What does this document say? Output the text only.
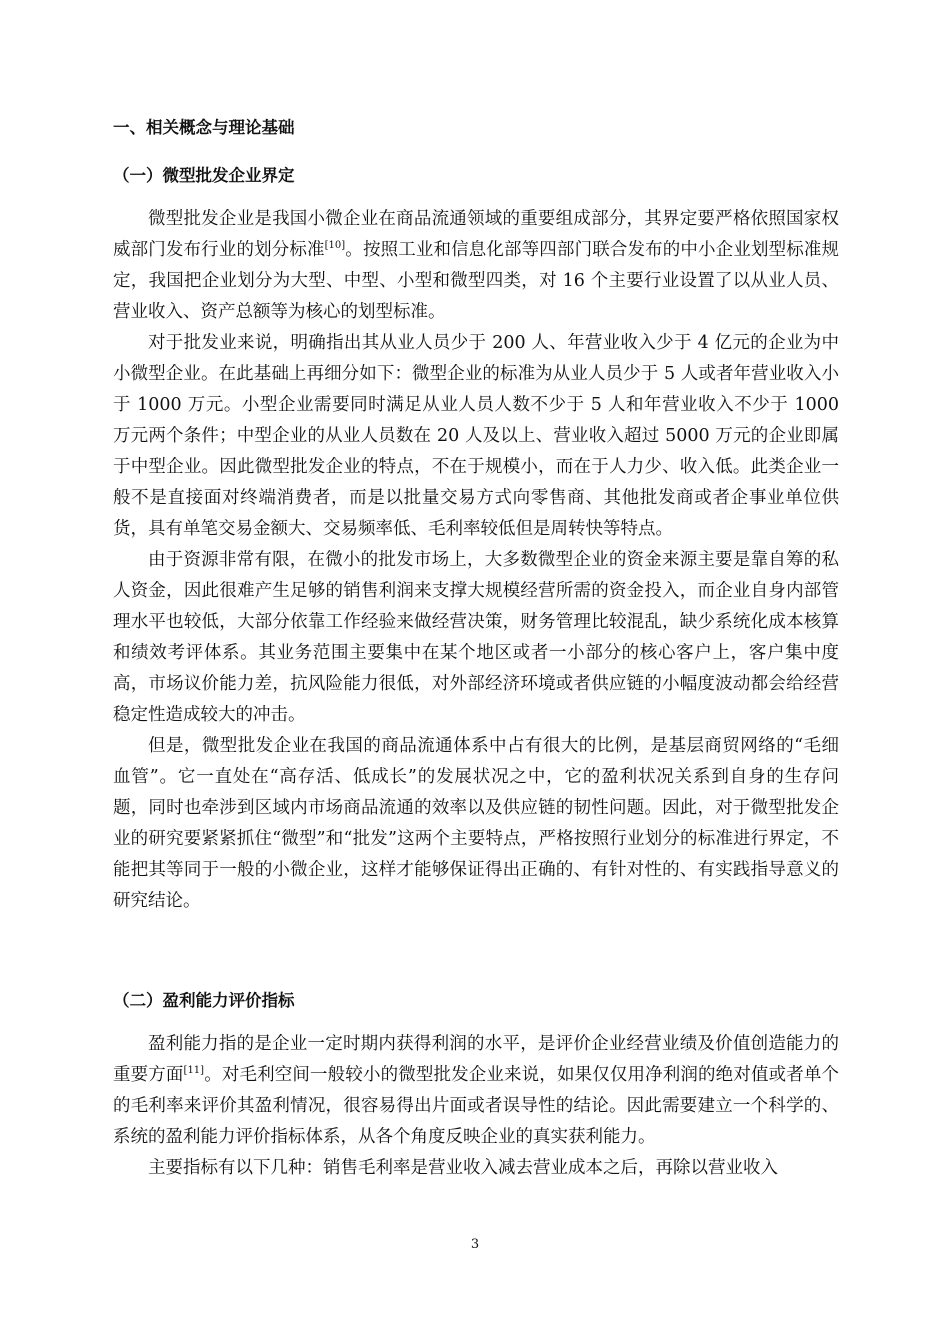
一、相关概念与理论基础
（一）微型批发企业界定

微型批发企业是我国小微企业在商品流通领域的重要组成部分，其界定要严格依照国家权威部门发布行业的划分标准[10]。按照工业和信息化部等四部门联合发布的中小企业划型标准规定，我国把企业划分为大型、中型、小型和微型四类，对 16 个主要行业设置了以从业人员、营业收入、资产总额等为核心的划型标准。

对于批发业来说，明确指出其从业人员少于 200 人、年营业收入少于 4 亿元的企业为中小微型企业。在此基础上再细分如下：微型企业的标准为从业人员少于 5 人或者年营业收入小于 1000 万元。小型企业需要同时满足从业人员人数不少于 5 人和年营业收入不少于 1000 万元两个条件；中型企业的从业人员数在 20 人及以上、营业收入超过 5000 万元的企业即属于中型企业。因此微型批发企业的特点，不在于规模小，而在于人力少、收入低。此类企业一般不是直接面对终端消费者，而是以批量交易方式向零售商、其他批发商或者企事业单位供货，具有单笔交易金额大、交易频率低、毛利率较低但是周转快等特点。

由于资源非常有限，在微小的批发市场上，大多数微型企业的资金来源主要是靠自筹的私人资金，因此很难产生足够的销售利润来支撑大规模经营所需的资金投入，而企业自身内部管理水平也较低，大部分依靠工作经验来做经营决策，财务管理比较混乱，缺少系统化成本核算和绩效考评体系。其业务范围主要集中在某个地区或者一小部分的核心客户上，客户集中度高，市场议价能力差，抗风险能力很低，对外部经济环境或者供应链的小幅度波动都会给经营稳定性造成较大的冲击。

但是，微型批发企业在我国的商品流通体系中占有很大的比例，是基层商贸网络的“毛细血管”。它一直处在“高存活、低成长”的发展状况之中，它的盈利状况关系到自身的生存问题，同时也牵涉到区域内市场商品流通的效率以及供应链的韧性问题。因此，对于微型批发企业的研究要紧紧抓住“微型”和“批发”这两个主要特点，严格按照行业划分的标准进行界定，不能把其等同于一般的小微企业，这样才能够保证得出正确的、有针对性的、有实践指导意义的研究结论。

（二）盈利能力评价指标

盈利能力指的是企业一定时期内获得利润的水平，是评价企业经营业绩及价值创造能力的重要方面[11]。对毛利空间一般较小的微型批发企业来说，如果仅仅用净利润的绝对值或者单个的毛利率来评价其盈利情况，很容易得出片面或者误导性的结论。因此需要建立一个科学的、系统的盈利能力评价指标体系，从各个角度反映企业的真实获利能力。

主要指标有以下几种：销售毛利率是营业收入减去营业成本之后，再除以营业收入

3
